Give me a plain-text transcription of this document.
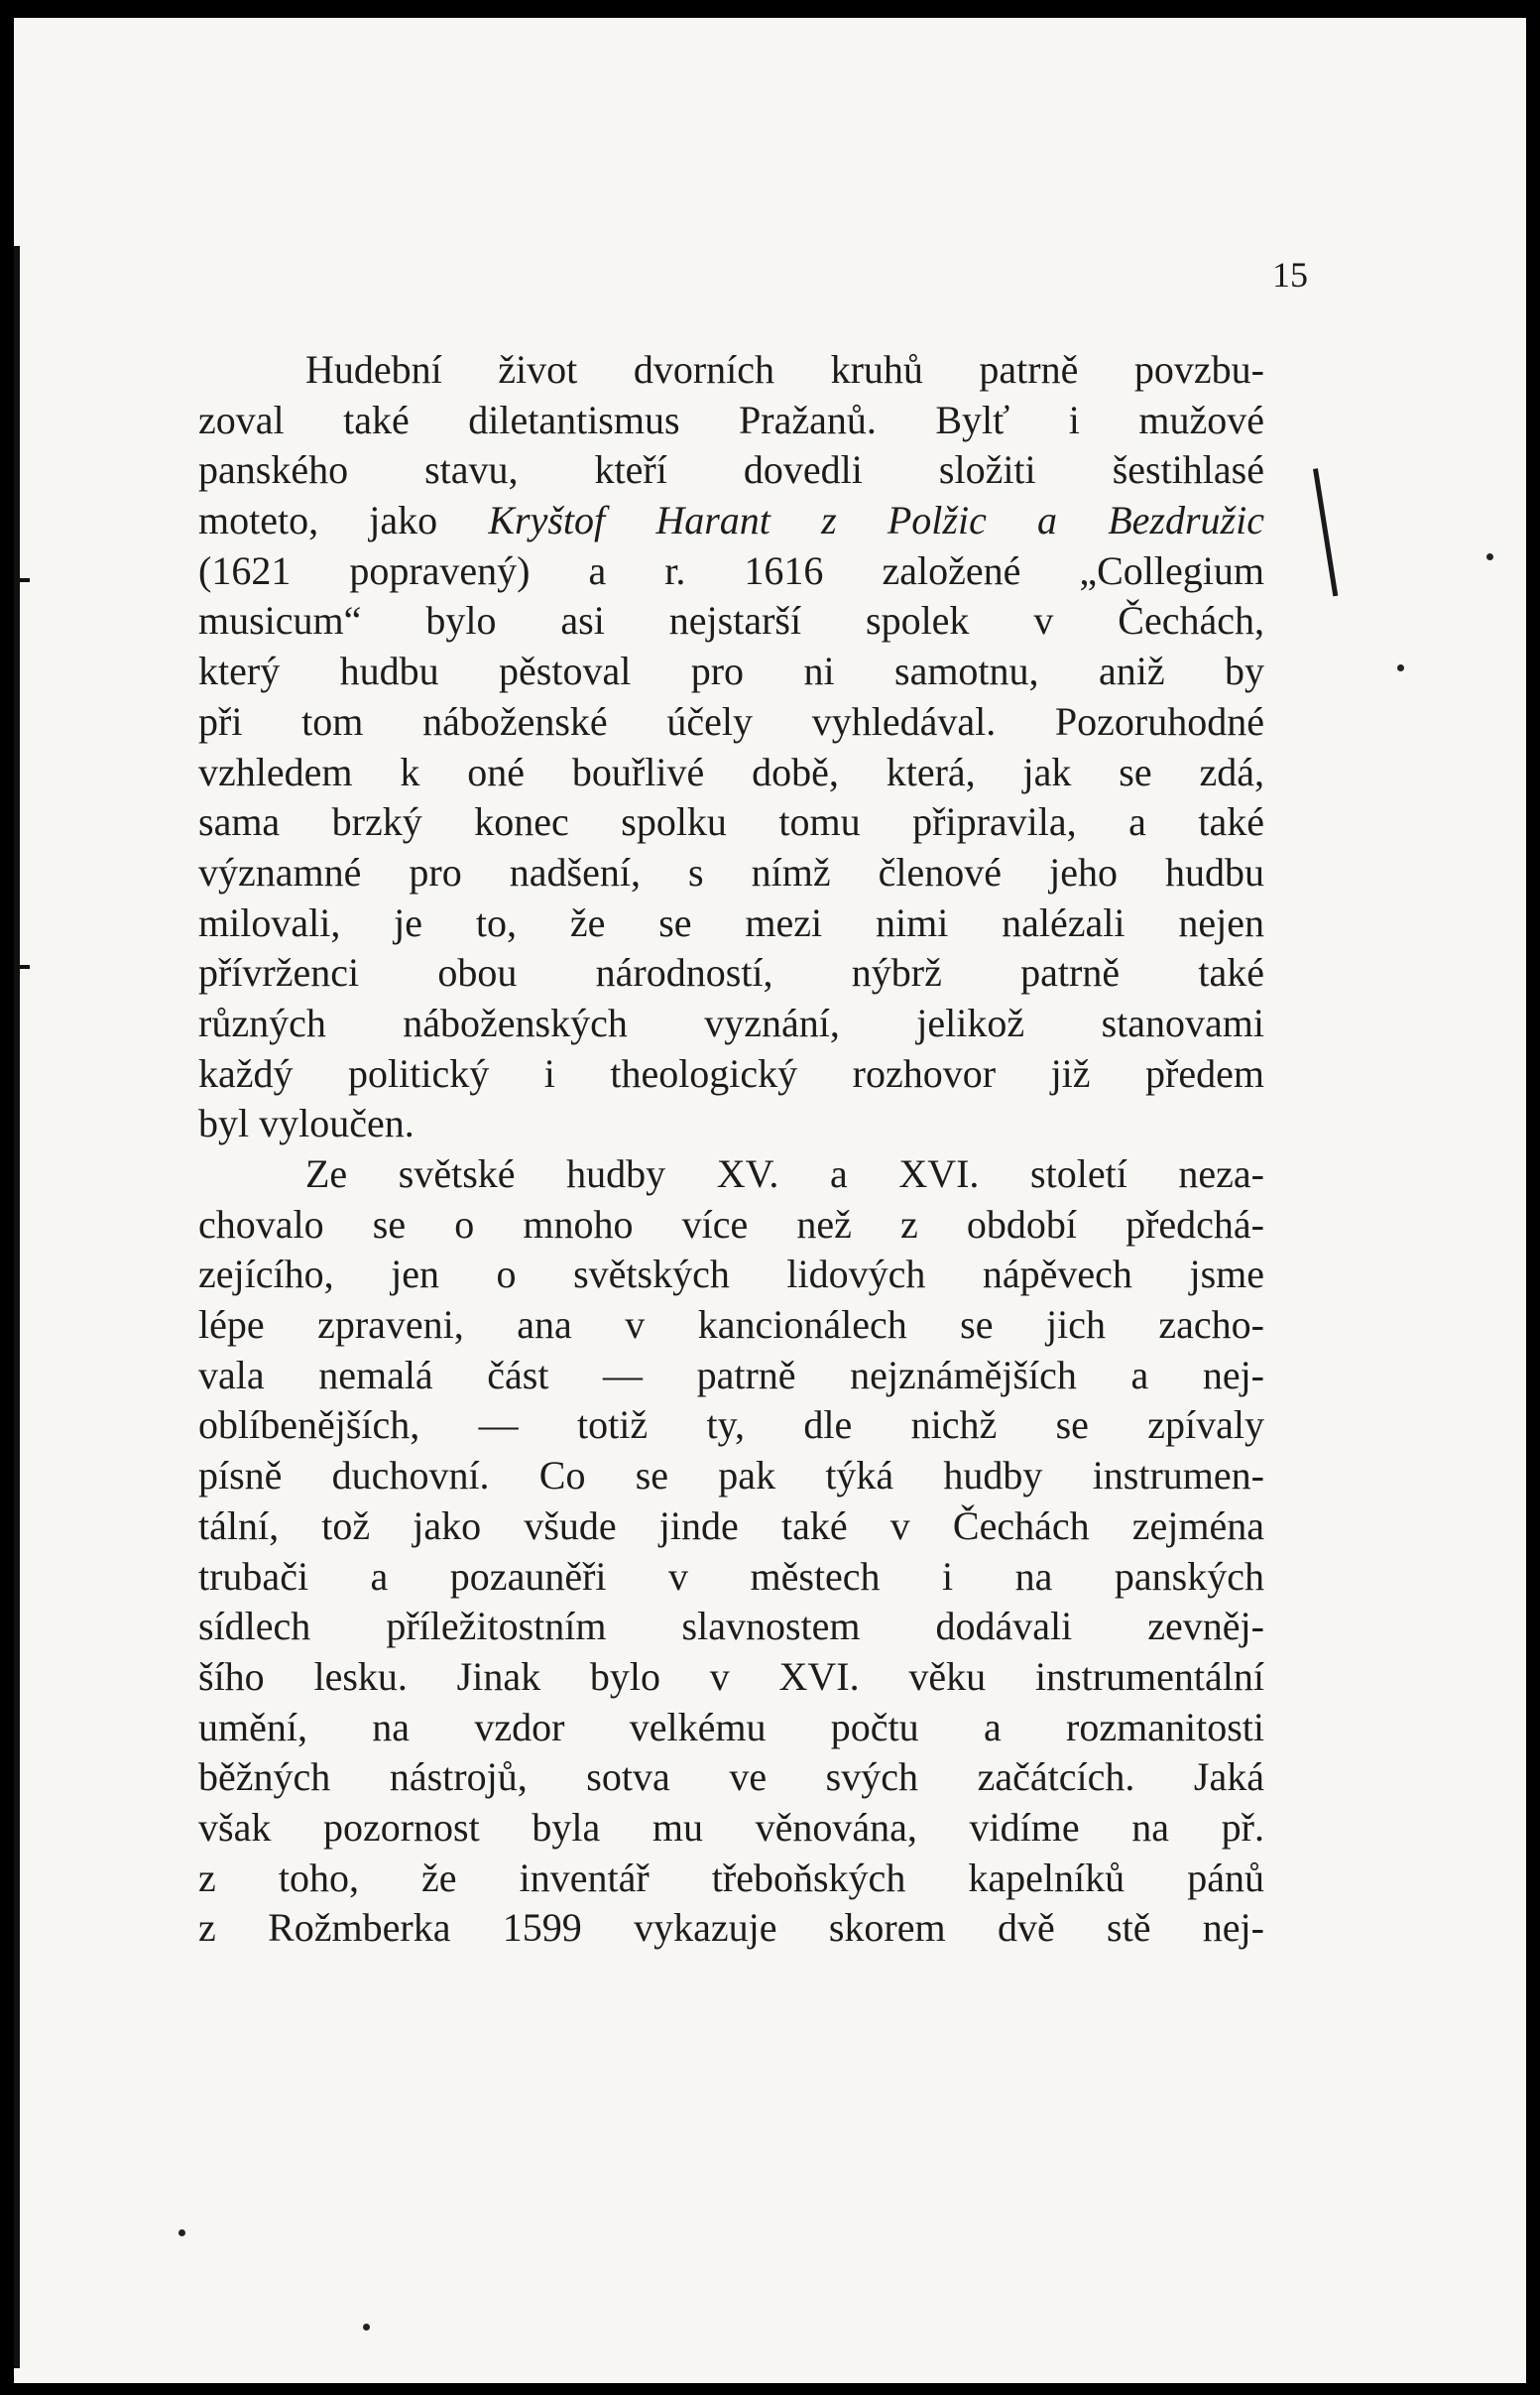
15
Hudební život dvorních kruhů patrně povzbu-
zoval také diletantismus Pražanů. Bylť i mužové
panského stavu, kteří dovedli složiti šestihlasé
moteto, jako Kryštof Harant z Polžic a Bezdružic
(1621 popravený) a r. 1616 založené „Collegium
musicum“ bylo asi nejstarší spolek v Čechách,
který hudbu pěstoval pro ni samotnu, aniž by
při tom náboženské účely vyhledával. Pozoruhodné
vzhledem k oné bouřlivé době, která, jak se zdá,
sama brzký konec spolku tomu připravila, a také
významné pro nadšení, s nímž členové jeho hudbu
milovali, je to, že se mezi nimi nalézali nejen
přívrženci obou národností, nýbrž patrně také
různých náboženských vyznání, jelikož stanovami
každý politický i theologický rozhovor již předem
byl vyloučen.
Ze světské hudby XV. a XVI. století neza-
chovalo se o mnoho více než z období předchá-
zejícího, jen o světských lidových nápěvech jsme
lépe zpraveni, ana v kancionálech se jich zacho-
vala nemalá část — patrně nejznámějších a nej-
oblíbenějších, — totiž ty, dle nichž se zpívaly
písně duchovní. Co se pak týká hudby instrumen-
tální, tož jako všude jinde také v Čechách zejména
trubači a pozauněři v městech i na panských
sídlech příležitostním slavnostem dodávali zevněj-
šího lesku. Jinak bylo v XVI. věku instrumentální
umění, na vzdor velkému počtu a rozmanitosti
běžných nástrojů, sotva ve svých začátcích. Jaká
však pozornost byla mu věnována, vidíme na př.
z toho, že inventář třeboňských kapelníků pánů
z Rožmberka 1599 vykazuje skorem dvě stě nej-
